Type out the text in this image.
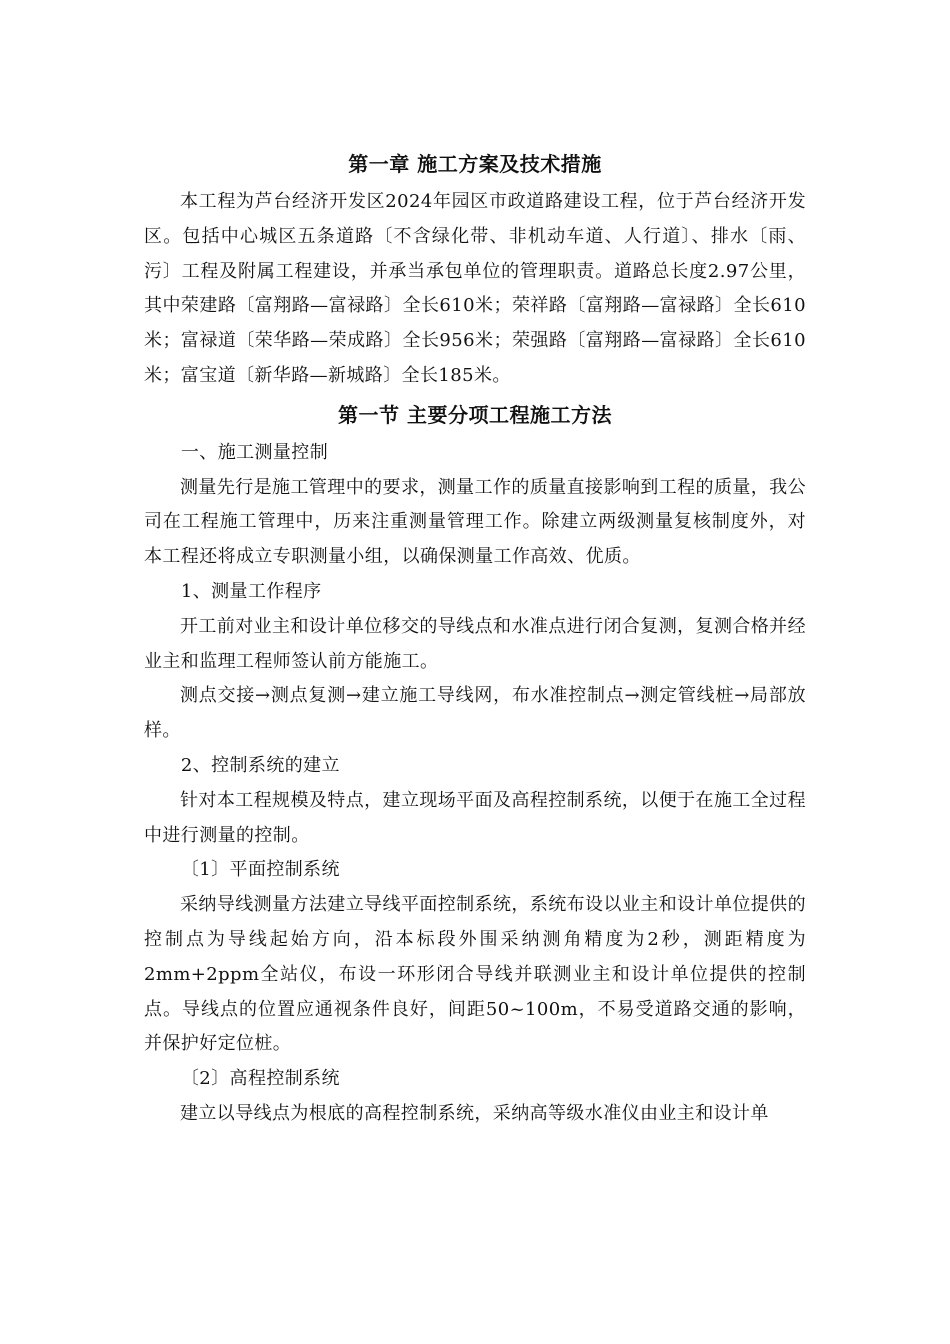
第一章 施工方案及技术措施

本工程为芦台经济开发区2024年园区市政道路建设工程，位于芦台经济开发区。包括中心城区五条道路〔不含绿化带、非机动车道、人行道〕、排水〔雨、污〕工程及附属工程建设，并承当承包单位的管理职责。道路总长度2.97公里，其中荣建路〔富翔路—富禄路〕全长610米；荣祥路〔富翔路—富禄路〕全长610米；富禄道〔荣华路—荣成路〕全长956米；荣强路〔富翔路—富禄路〕全长610米；富宝道〔新华路—新城路〕全长185米。

第一节 主要分项工程施工方法

一、施工测量控制

测量先行是施工管理中的要求，测量工作的质量直接影响到工程的质量，我公司在工程施工管理中，历来注重测量管理工作。除建立两级测量复核制度外，对本工程还将成立专职测量小组，以确保测量工作高效、优质。

1、测量工作程序

开工前对业主和设计单位移交的导线点和水准点进行闭合复测，复测合格并经业主和监理工程师签认前方能施工。

测点交接→测点复测→建立施工导线网，布水准控制点→测定管线桩→局部放样。

2、控制系统的建立

针对本工程规模及特点，建立现场平面及高程控制系统，以便于在施工全过程中进行测量的控制。

〔1〕平面控制系统

采纳导线测量方法建立导线平面控制系统，系统布设以业主和设计单位提供的控制点为导线起始方向，沿本标段外围采纳测角精度为2秒，测距精度为2mm+2ppm全站仪，布设一环形闭合导线并联测业主和设计单位提供的控制点。导线点的位置应通视条件良好，间距50~100m，不易受道路交通的影响，并保护好定位桩。

〔2〕高程控制系统

建立以导线点为根底的高程控制系统，采纳高等级水准仪由业主和设计单
